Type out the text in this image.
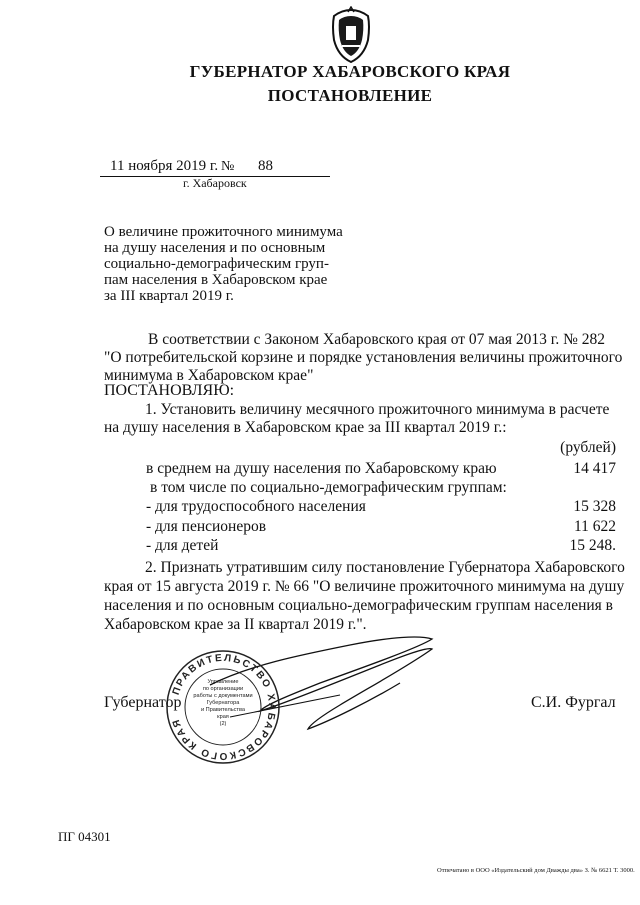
ГУБЕРНАТОР ХАБАРОВСКОГО КРАЯ
ПОСТАНОВЛЕНИЕ
11 ноября 2019 г. № 88
г. Хабаровск
О величине прожиточного минимума
на душу населения и по основным
социально-демографическим груп-
пам населения в Хабаровском крае
за III квартал 2019 г.
В соответствии с Законом Хабаровского края от 07 мая 2013 г. № 282
"О потребительской корзине и порядке установления величины прожиточного
минимума в Хабаровском крае"
ПОСТАНОВЛЯЮ:
1. Установить величину месячного прожиточного минимума в расчете
на душу населения в Хабаровском крае за III квартал 2019 г.:
(рублей)
в среднем на душу населения по Хабаровскому краю	14 417
в том числе по социально-демографическим группам:
- для трудоспособного населения	15 328
- для пенсионеров	11 622
- для детей	15 248.
2. Признать утратившим силу постановление Губернатора Хабаровского
края от 15 августа 2019 г. № 66 "О величине прожиточного минимума на душу
населения и по основным социально-демографическим группам населения в
Хабаровском крае за II квартал 2019 г.".
ПРАВИТЕЛЬСТВО ХАБАРОВСКОГО КРАЯ
Управление
по организации
работы с документами
Губернатора
и Правительства
края
(2)
Губернатор	С.И. Фургал
ПГ 04301
Отпечатано в ООО «Издательский дом Дважды два» З. № 6621 Т. 3000.
